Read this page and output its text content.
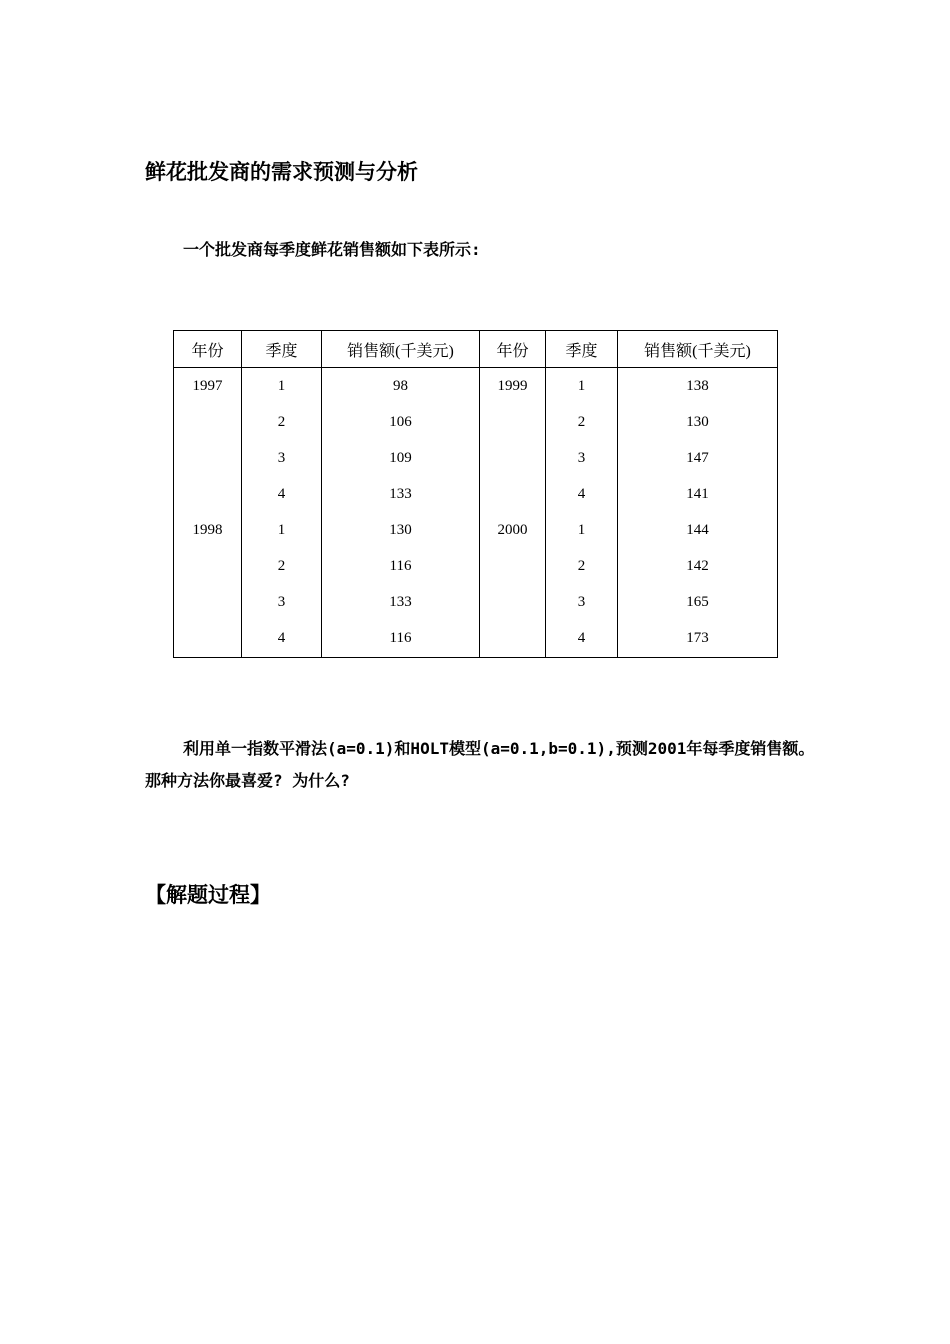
鲜花批发商的需求预测与分析
一个批发商每季度鲜花销售额如下表所示:
年份	季度	销售额(千美元)	年份	季度	销售额(千美元)
1997	1	98	1999	1	138
	2	106		2	130
	3	109		3	147
	4	133		4	141
1998	1	130	2000	1	144
	2	116		2	142
	3	133		3	165
	4	116		4	173
利用单一指数平滑法(a=0.1)和HOLT模型(a=0.1,b=0.1),预测2001年每季度销售额。那种方法你最喜爱? 为什么?
【解题过程】
